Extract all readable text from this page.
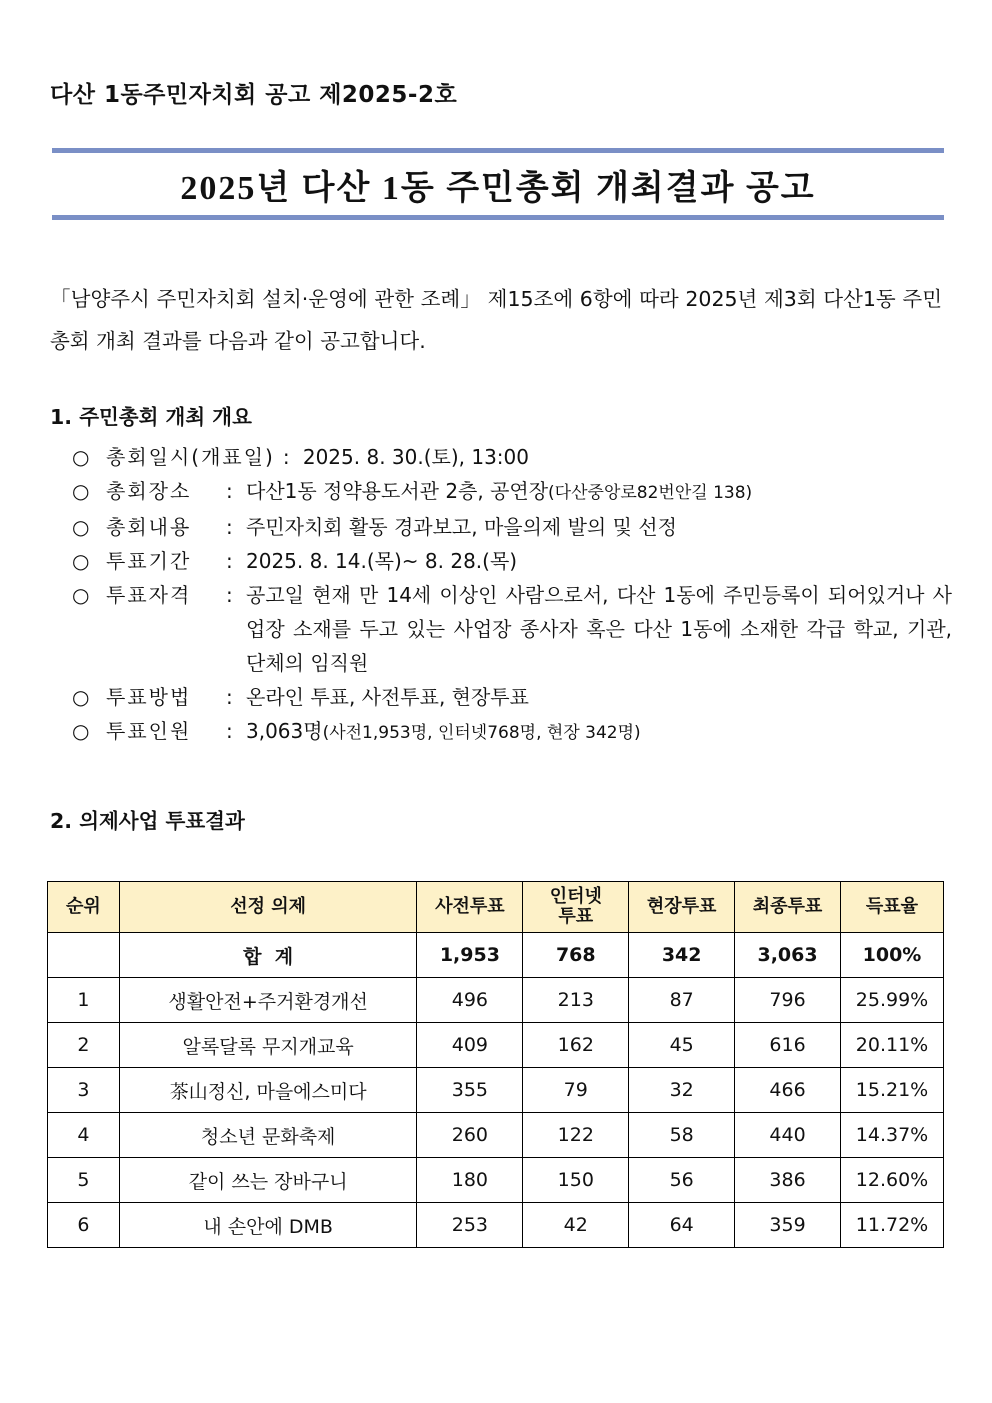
다산 1동주민자치회 공고 제2025-2호
2025년 다산 1동 주민총회 개최결과 공고
「남양주시 주민자치회 설치·운영에 관한 조례」 제15조에 6항에 따라 2025년 제3회 다산1동 주민총회 개최 결과를 다음과 같이 공고합니다.
1. 주민총회 개최 개요
○ 총회일시(개표일) : 2025. 8. 30.(토), 13:00
○ 총회장소	: 다산1동 정약용도서관 2층, 공연장(다산중앙로82번안길 138)
○ 총회내용	: 주민자치회 활동 경과보고, 마을의제 발의 및 선정
○ 투표기간	: 2025. 8. 14.(목)~ 8. 28.(목)
○ 투표자격	: 공고일 현재 만 14세 이상인 사람으로서, 다산 1동에 주민등록이 되어있거나 사업장 소재를 두고 있는 사업장 종사자 혹은 다산 1동에 소재한 각급 학교, 기관, 단체의 임직원
○ 투표방법	: 온라인 투표, 사전투표, 현장투표
○ 투표인원	: 3,063명(사전1,953명, 인터넷768명, 현장 342명)
2. 의제사업 투표결과
순위	선정 의제	사전투표	인터넷 투표	현장투표	최종투표	득표율
	합  계	1,953	768	342	3,063	100%
1	생활안전+주거환경개선	496	213	87	796	25.99%
2	알록달록 무지개교육	409	162	45	616	20.11%
3	茶山정신, 마을에스미다	355	79	32	466	15.21%
4	청소년 문화축제	260	122	58	440	14.37%
5	같이 쓰는 장바구니	180	150	56	386	12.60%
6	내 손안에 DMB	253	42	64	359	11.72%
